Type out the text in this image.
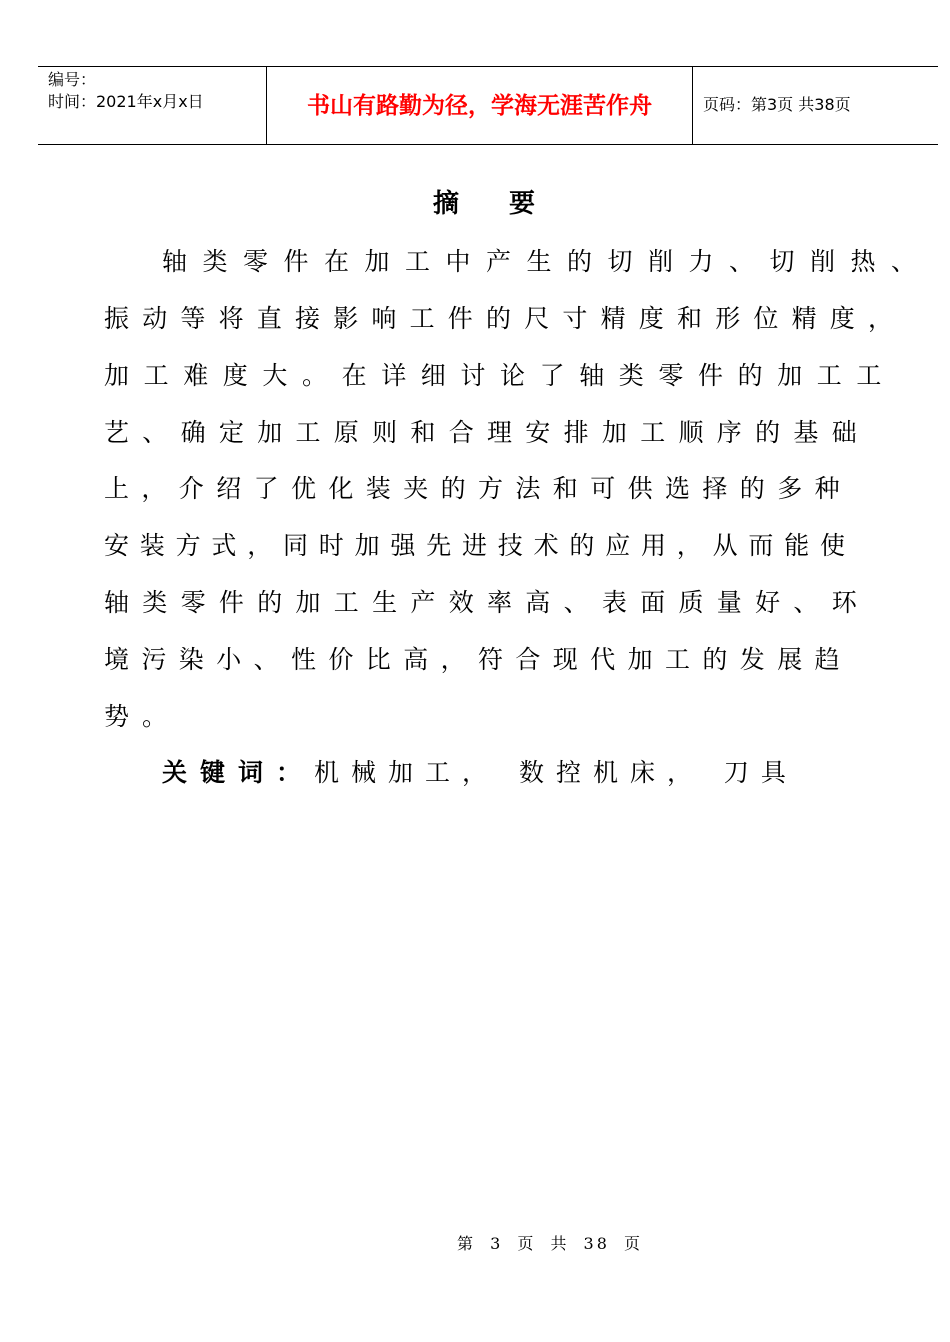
编号：
时间：2021年x月x日	书山有路勤为径，学海无涯苦作舟	页码：第3页 共38页
摘要
轴类零件在加工中产生的切削力、切削热、
振动等将直接影响工件的尺寸精度和形位精度，
加工难度大。在详细讨论了轴类零件的加工工
艺、确定加工原则和合理安排加工顺序的基础
上，介绍了优化装夹的方法和可供选择的多种
安装方式，同时加强先进技术的应用，从而能使
轴类零件的加工生产效率高、表面质量好、环
境污染小、性价比高，符合现代加工的发展趋
势。
关键词：机械加工， 数控机床， 刀具
第 3 页 共 38 页
